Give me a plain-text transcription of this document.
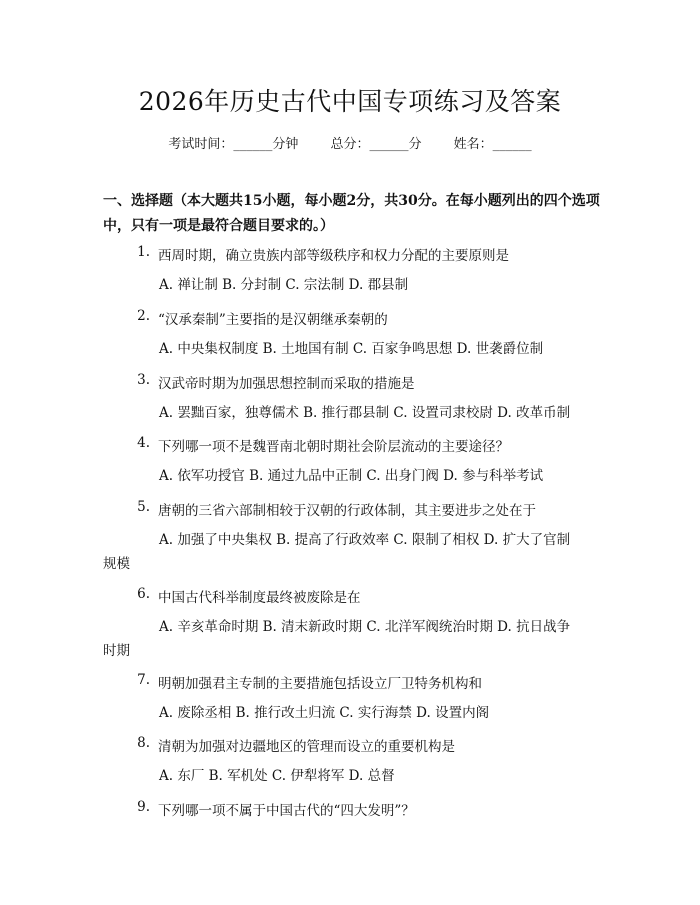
2026年历史古代中国专项练习及答案
考试时间：______分钟 总分：______分 姓名：______
一、选择题（本大题共15小题，每小题2分，共30分。在每小题列出的四个选项中，只有一项是最符合题目要求的。）
1. 西周时期，确立贵族内部等级秩序和权力分配的主要原则是
A. 禅让制 B. 分封制 C. 宗法制 D. 郡县制
2. “汉承秦制”主要指的是汉朝继承秦朝的
A. 中央集权制度 B. 土地国有制 C. 百家争鸣思想 D. 世袭爵位制
3. 汉武帝时期为加强思想控制而采取的措施是
A. 罢黜百家，独尊儒术 B. 推行郡县制 C. 设置司隶校尉 D. 改革币制
4. 下列哪一项不是魏晋南北朝时期社会阶层流动的主要途径？
A. 依军功授官 B. 通过九品中正制 C. 出身门阀 D. 参与科举考试
5. 唐朝的三省六部制相较于汉朝的行政体制，其主要进步之处在于
A. 加强了中央集权 B. 提高了行政效率 C. 限制了相权 D. 扩大了官制
规模
6. 中国古代科举制度最终被废除是在
A. 辛亥革命时期 B. 清末新政时期 C. 北洋军阀统治时期 D. 抗日战争
时期
7. 明朝加强君主专制的主要措施包括设立厂卫特务机构和
A. 废除丞相 B. 推行改土归流 C. 实行海禁 D. 设置内阁
8. 清朝为加强对边疆地区的管理而设立的重要机构是
A. 东厂 B. 军机处 C. 伊犁将军 D. 总督
9. 下列哪一项不属于中国古代的“四大发明”？
